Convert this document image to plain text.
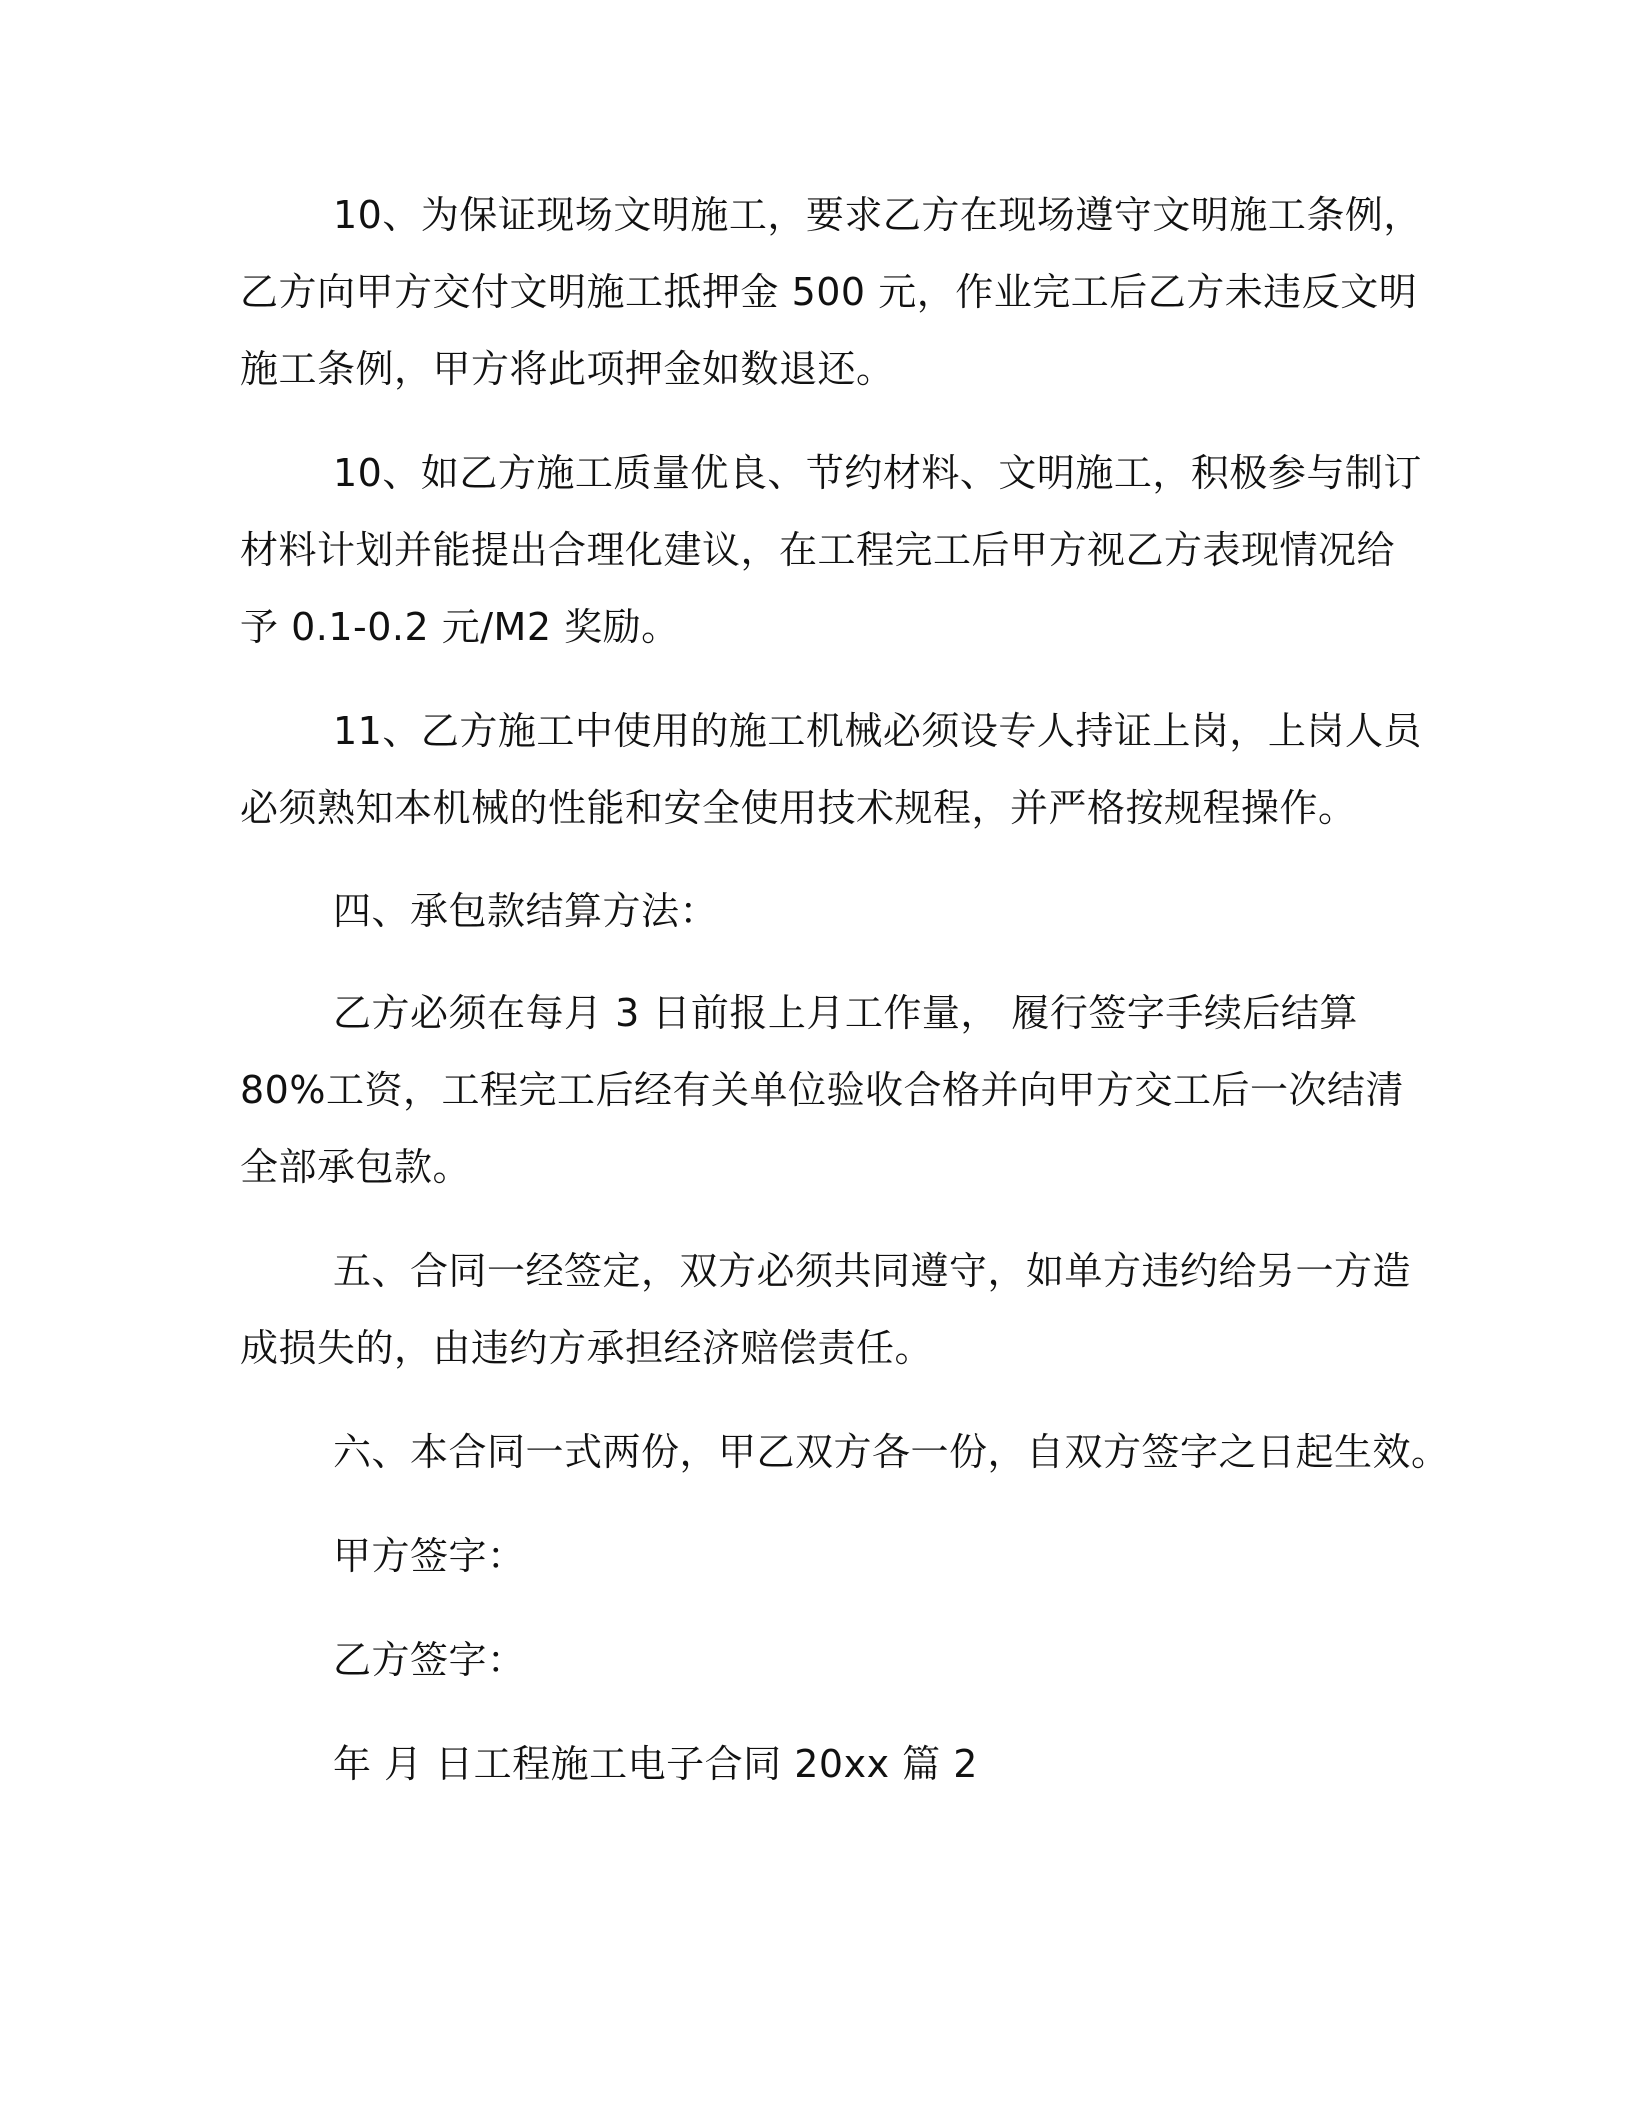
10、为保证现场文明施工，要求乙方在现场遵守文明施工条例，

乙方向甲方交付文明施工抵押金 500 元，作业完工后乙方未违反文明

施工条例，甲方将此项押金如数退还。

10、如乙方施工质量优良、节约材料、文明施工，积极参与制订

材料计划并能提出合理化建议，在工程完工后甲方视乙方表现情况给

予 0.1-0.2 元/M2 奖励。

11、乙方施工中使用的施工机械必须设专人持证上岗，上岗人员

必须熟知本机械的性能和安全使用技术规程，并严格按规程操作。

四、承包款结算方法：

乙方必须在每月 3 日前报上月工作量， 履行签字手续后结算

80%工资，工程完工后经有关单位验收合格并向甲方交工后一次结清

全部承包款。

五、合同一经签定，双方必须共同遵守，如单方违约给另一方造

成损失的，由违约方承担经济赔偿责任。

六、本合同一式两份，甲乙双方各一份，自双方签字之日起生效。

甲方签字：

乙方签字：

年 月 日工程施工电子合同 20xx 篇 2
